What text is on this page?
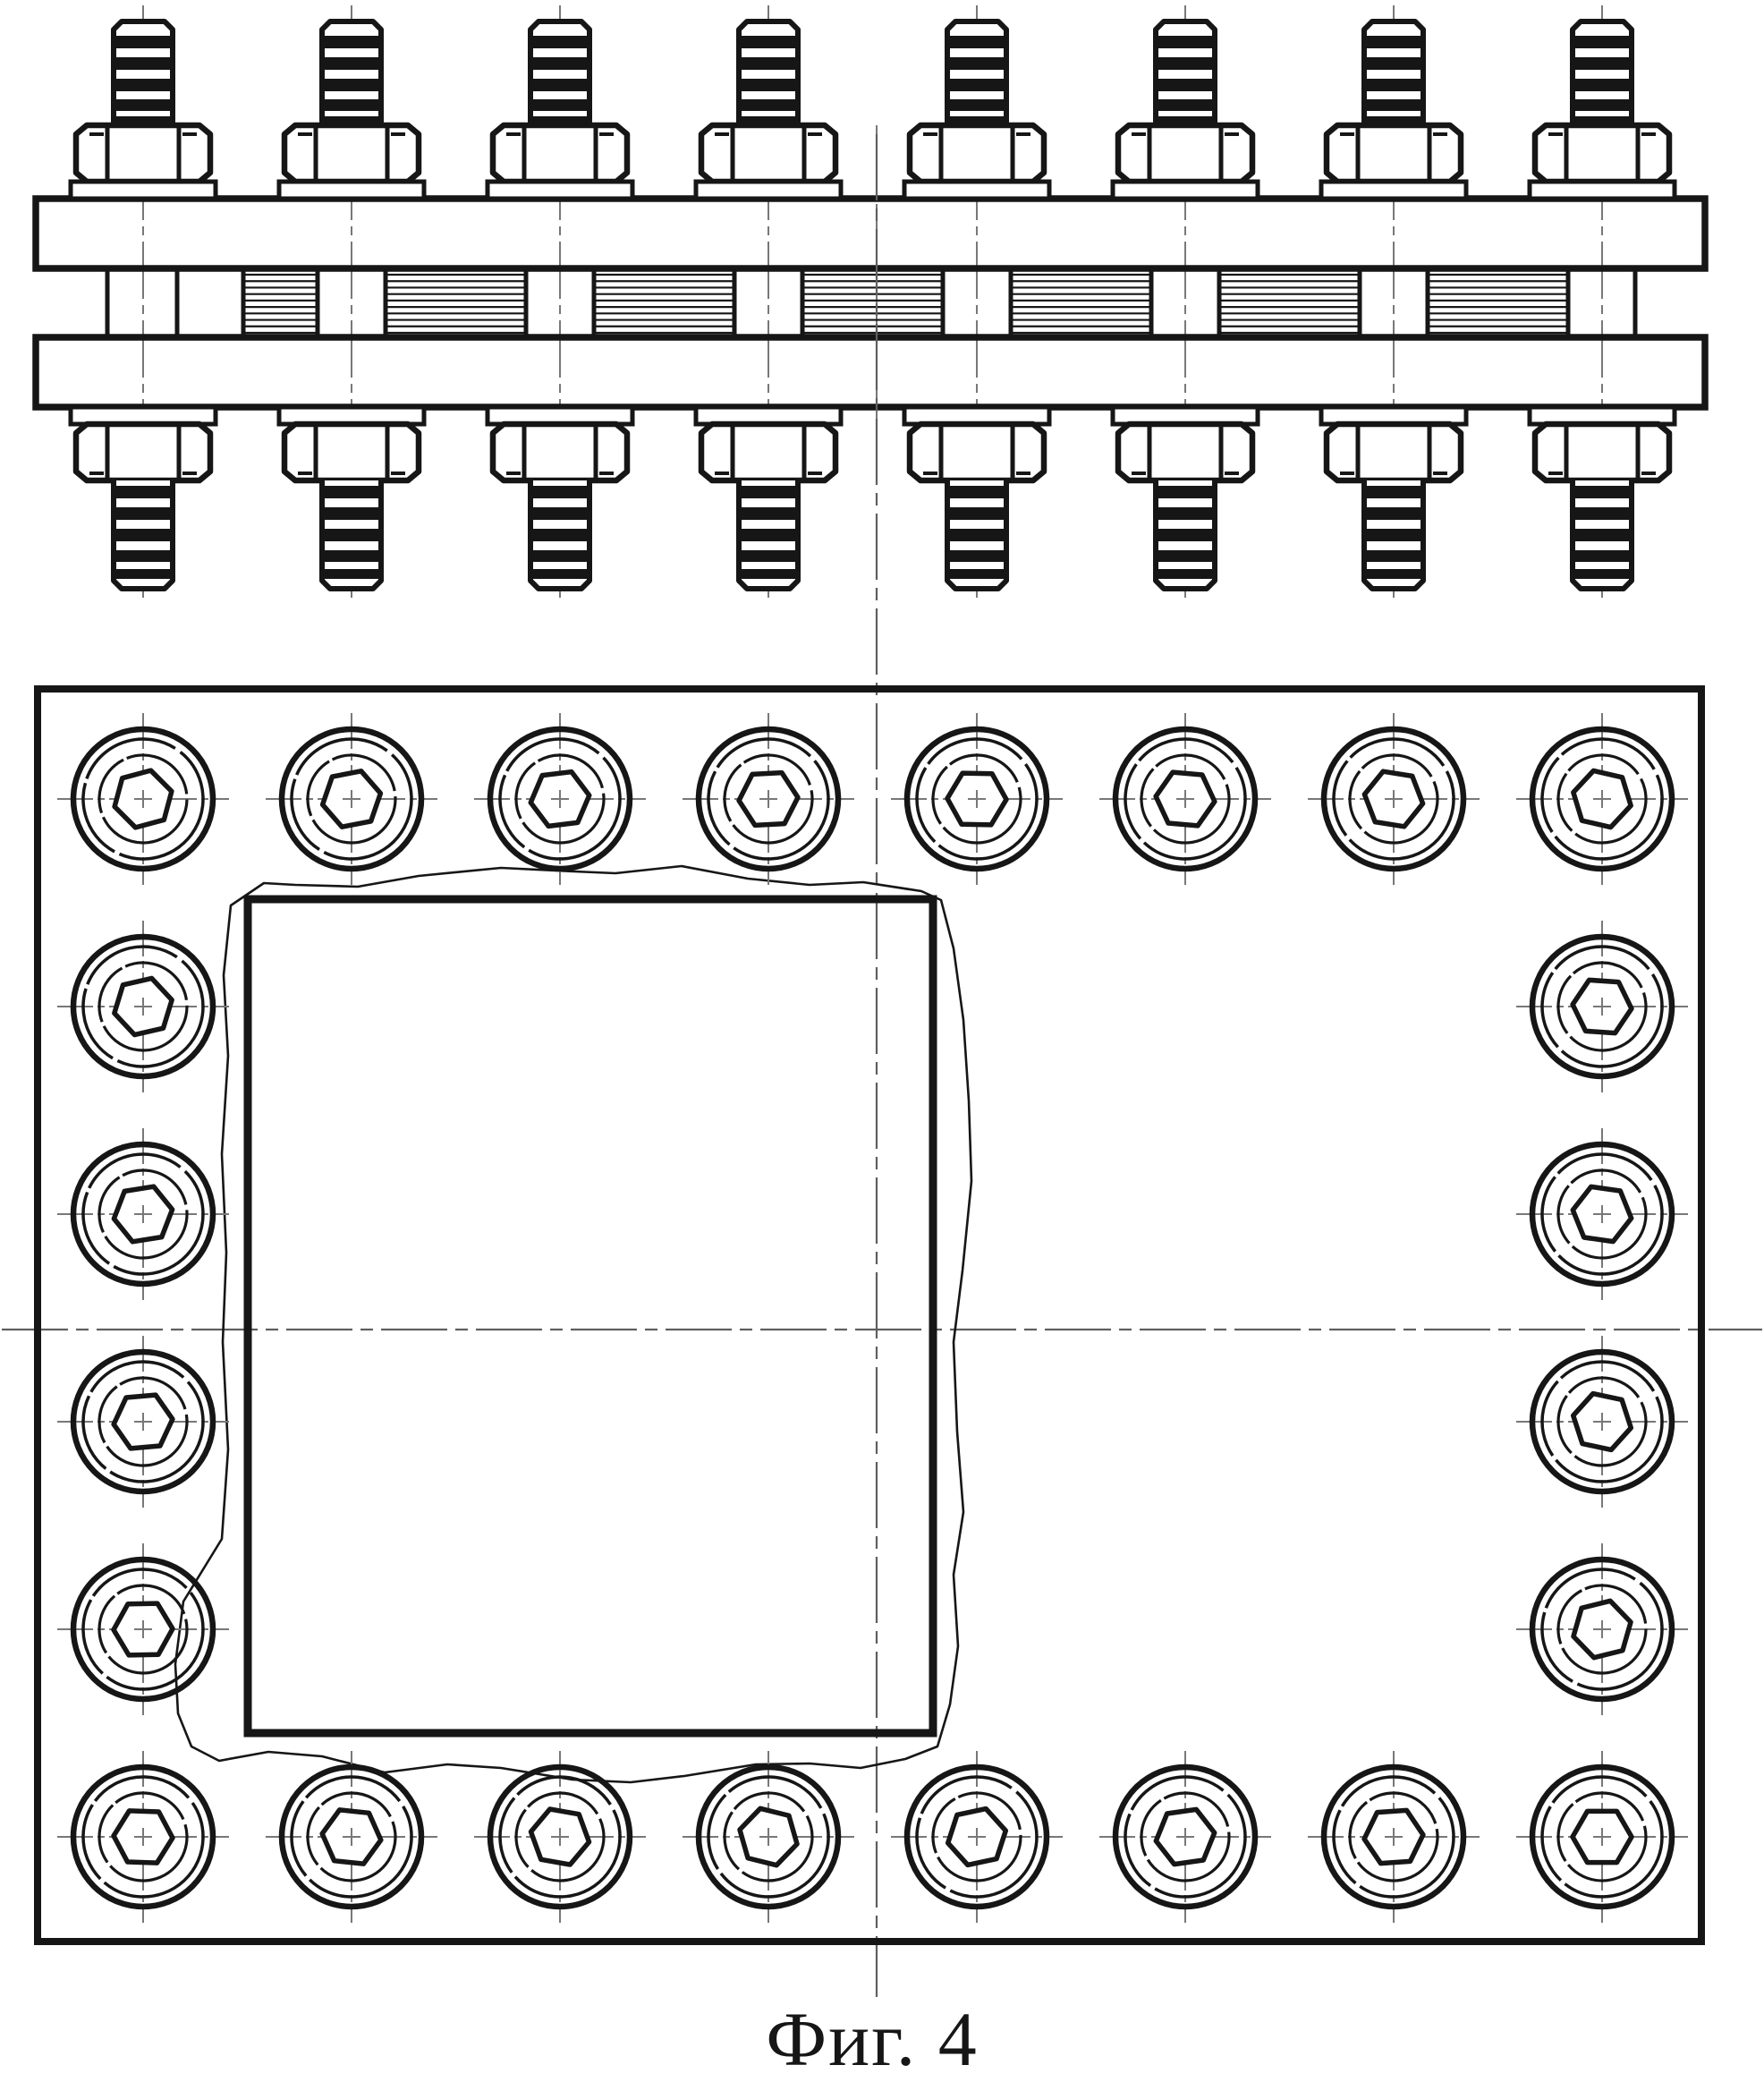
Фиг. 4
